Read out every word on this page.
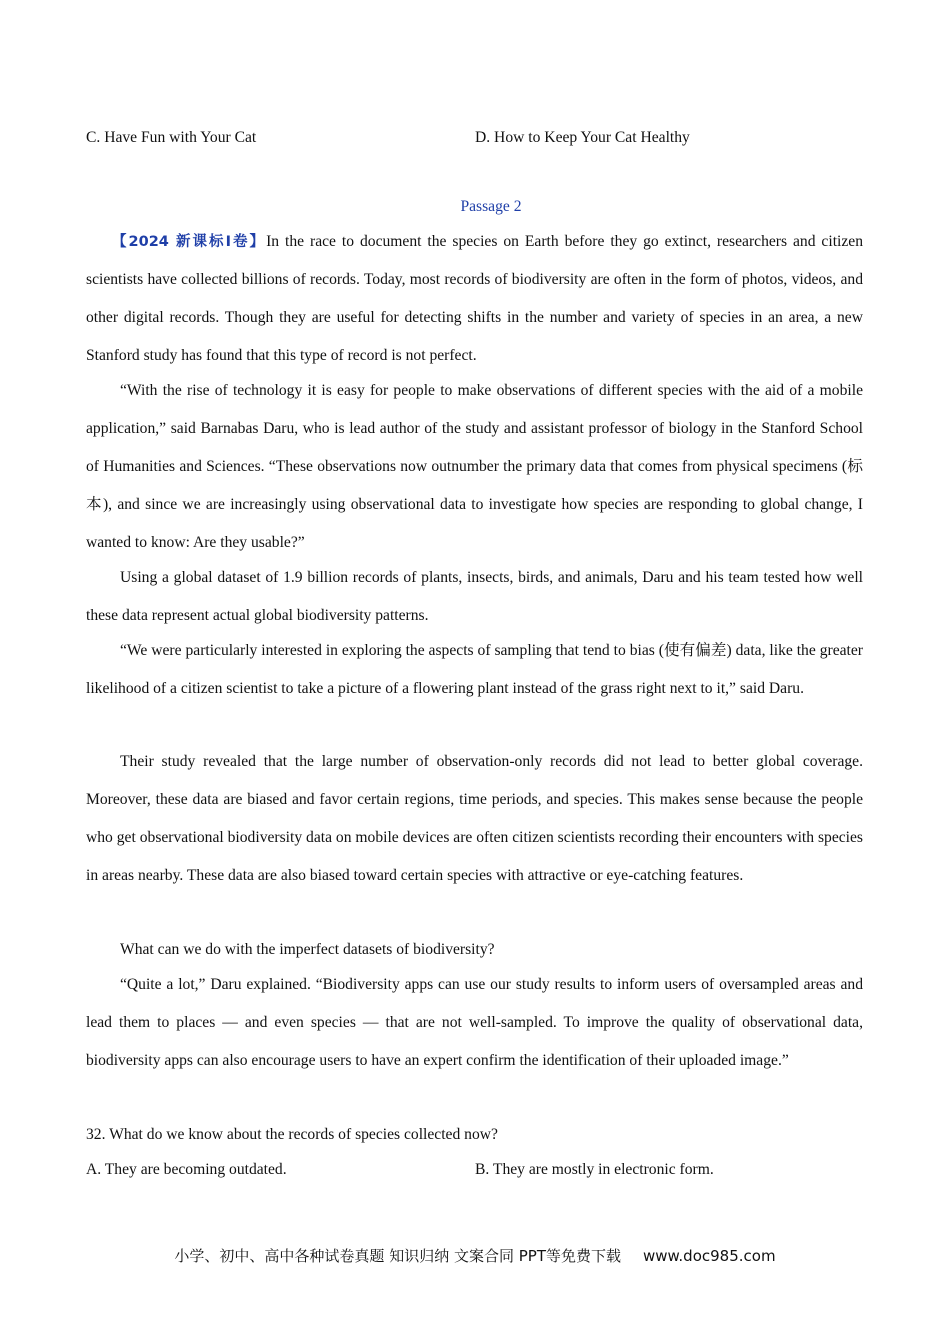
C. Have Fun with Your Cat	D. How to Keep Your Cat Healthy
Passage 2

【2024 新课标Ⅰ卷】In the race to document the species on Earth before they go extinct, researchers and citizen scientists have collected billions of records. Today, most records of biodiversity are often in the form of photos, videos, and other digital records. Though they are useful for detecting shifts in the number and variety of species in an area, a new Stanford study has found that this type of record is not perfect.

“With the rise of technology it is easy for people to make observations of different species with the aid of a mobile application,” said Barnabas Daru, who is lead author of the study and assistant professor of biology in the Stanford School of Humanities and Sciences. “These observations now outnumber the primary data that comes from physical specimens (标本), and since we are increasingly using observational data to investigate how species are responding to global change, I wanted to know: Are they usable?”

Using a global dataset of 1.9 billion records of plants, insects, birds, and animals, Daru and his team tested how well these data represent actual global biodiversity patterns.

“We were particularly interested in exploring the aspects of sampling that tend to bias (使有偏差) data, like the greater likelihood of a citizen scientist to take a picture of a flowering plant instead of the grass right next to it,” said Daru.

Their study revealed that the large number of observation-only records did not lead to better global coverage. Moreover, these data are biased and favor certain regions, time periods, and species. This makes sense because the people who get observational biodiversity data on mobile devices are often citizen scientists recording their encounters with species in areas nearby. These data are also biased toward certain species with attractive or eye-catching features.

What can we do with the imperfect datasets of biodiversity?

“Quite a lot,” Daru explained. “Biodiversity apps can use our study results to inform users of oversampled areas and lead them to places — and even species — that are not well-sampled. To improve the quality of observational data, biodiversity apps can also encourage users to have an expert confirm the identification of their uploaded image.”

32. What do we know about the records of species collected now?
A. They are becoming outdated.	B. They are mostly in electronic form.
小学、初中、高中各种试卷真题 知识归纳 文案合同 PPT等免费下载 www.doc985.com
